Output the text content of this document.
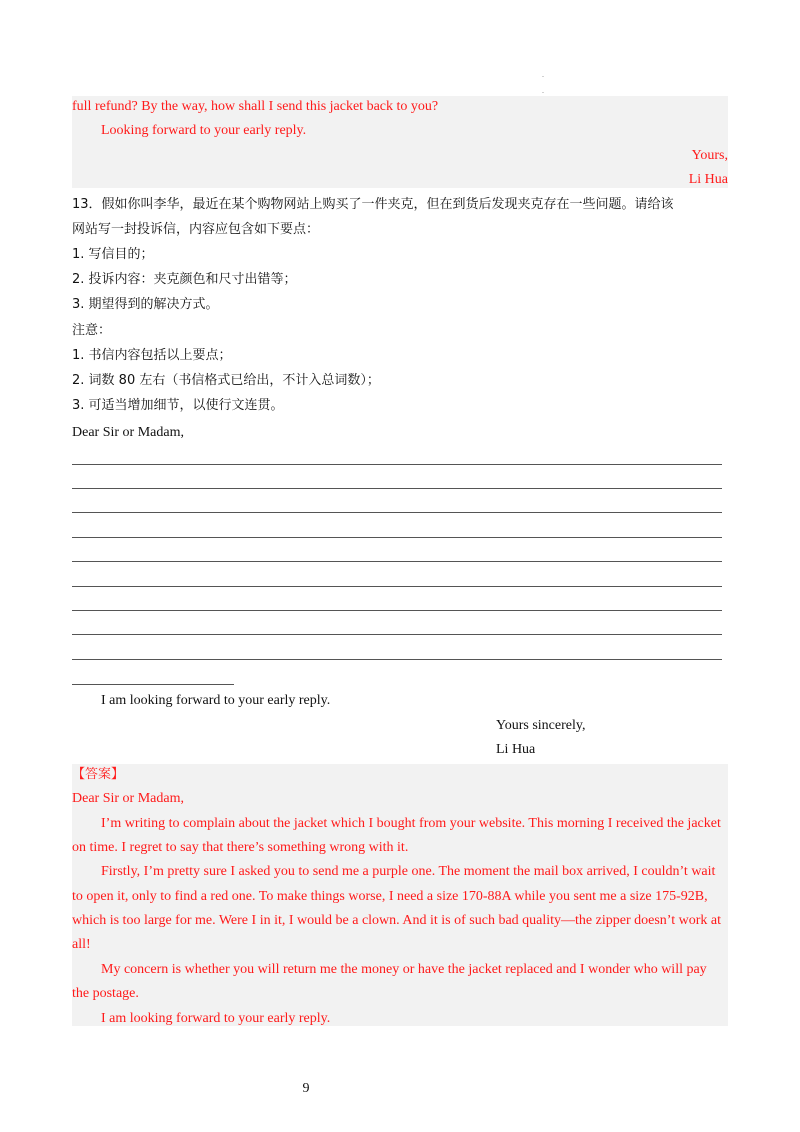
.
.
full refund? By the way, how shall I send this jacket back to you?
Looking forward to your early reply.
Yours,
Li Hua
13．假如你叫李华，最近在某个购物网站上购买了一件夹克，但在到货后发现夹克存在一些问题。请给该
网站写一封投诉信，内容应包含如下要点：
1. 写信目的；
2. 投诉内容：夹克颜色和尺寸出错等；
3. 期望得到的解决方式。
注意：
1. 书信内容包括以上要点；
2. 词数 80 左右（书信格式已给出，不计入总词数）；
3. 可适当增加细节，以使行文连贯。
Dear Sir or Madam,
I am looking forward to your early reply.
Yours sincerely,
Li Hua
【答案】
Dear Sir or Madam,
I’m writing to complain about the jacket which I bought from your website. This morning I received the jacket
on time. I regret to say that there’s something wrong with it.
Firstly, I’m pretty sure I asked you to send me a purple one. The moment the mail box arrived, I couldn’t wait
to open it, only to find a red one. To make things worse, I need a size 170-88A while you sent me a size 175-92B,
which is too large for me. Were I in it, I would be a clown. And it is of such bad quality—the zipper doesn’t work at
all!
My concern is whether you will return me the money or have the jacket replaced and I wonder who will pay
the postage.
I am looking forward to your early reply.
9
